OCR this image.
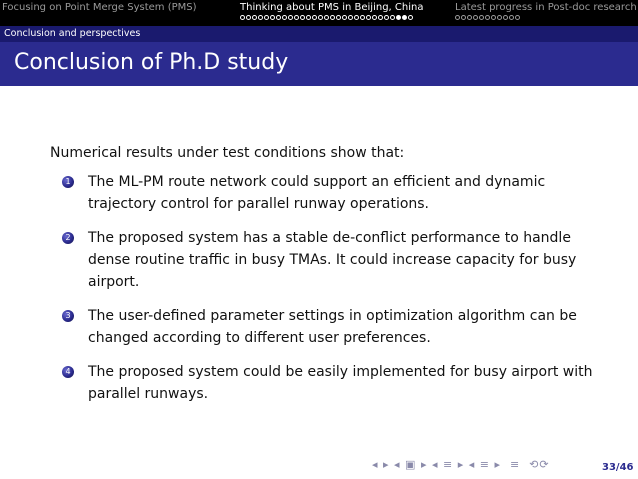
Focusing on Point Merge System (PMS)	Thinking about PMS in Beijing, China	Latest progress in Post-doc research
Conclusion and perspectives
Conclusion of Ph.D study

Numerical results under test conditions show that:

1 The ML-PM route network could support an efficient and dynamic trajectory control for parallel runway operations.
2 The proposed system has a stable de-conflict performance to handle dense routine traffic in busy TMAs. It could increase capacity for busy airport.
3 The user-defined parameter settings in optimization algorithm can be changed according to different user preferences.
4 The proposed system could be easily implemented for busy airport with parallel runways.
◂ ▸ ◂ ▣ ▸ ◂ ≡ ▸ ◂ ≡ ▸  ≡  ⟲⟳	33/46
